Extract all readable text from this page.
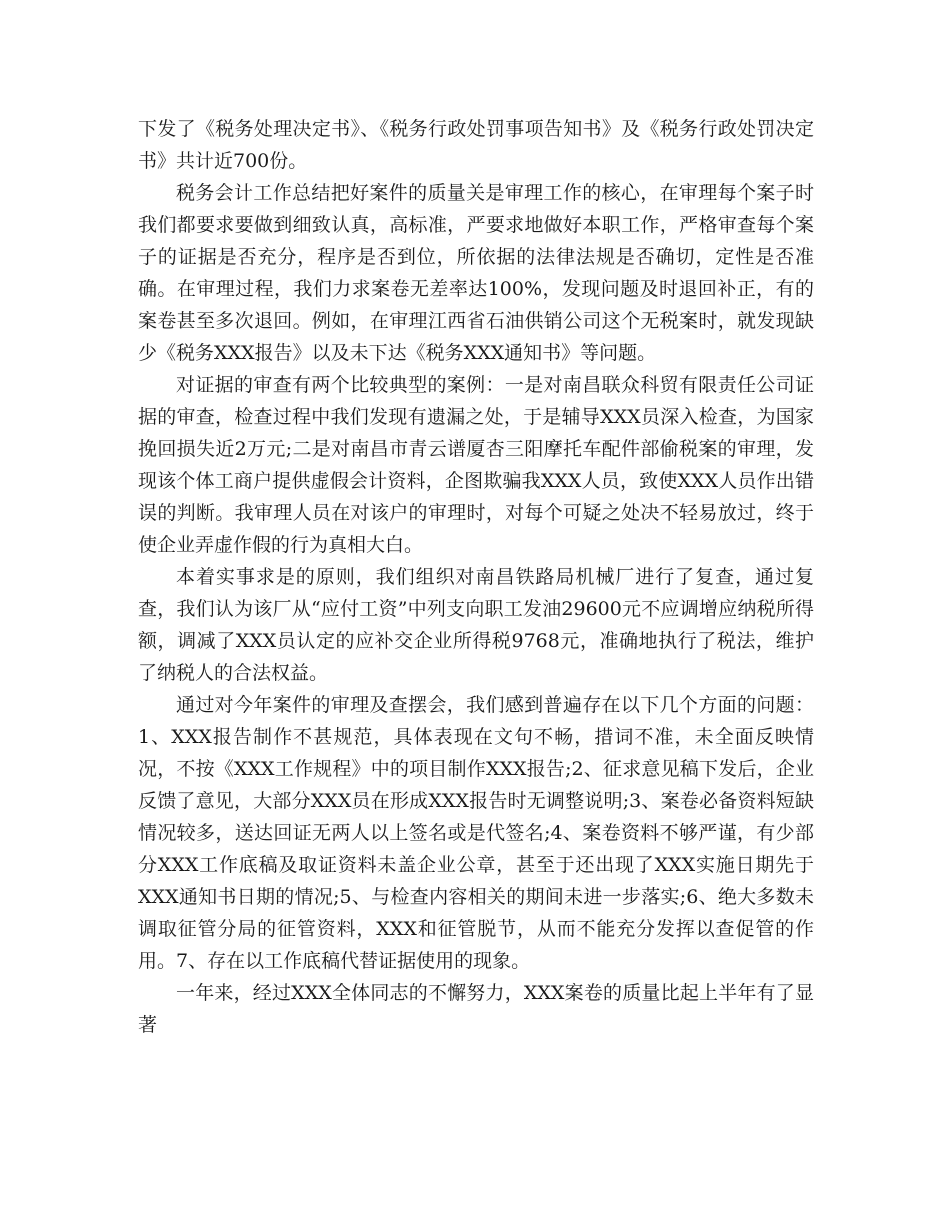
下发了《税务处理决定书》、《税务行政处罚事项告知书》及《税务行政处罚决定书》共计近700份。

税务会计工作总结把好案件的质量关是审理工作的核心，在审理每个案子时我们都要求要做到细致认真，高标准，严要求地做好本职工作，严格审查每个案子的证据是否充分，程序是否到位，所依据的法律法规是否确切，定性是否准确。在审理过程，我们力求案卷无差率达100%，发现问题及时退回补正，有的案卷甚至多次退回。例如，在审理江西省石油供销公司这个无税案时，就发现缺少《税务XXX报告》以及未下达《税务XXX通知书》等问题。

对证据的审查有两个比较典型的案例：一是对南昌联众科贸有限责任公司证据的审查，检查过程中我们发现有遗漏之处，于是辅导XXX员深入检查，为国家挽回损失近2万元;二是对南昌市青云谱厦杏三阳摩托车配件部偷税案的审理，发现该个体工商户提供虚假会计资料，企图欺骗我XXX人员，致使XXX人员作出错误的判断。我审理人员在对该户的审理时，对每个可疑之处决不轻易放过，终于使企业弄虚作假的行为真相大白。

本着实事求是的原则，我们组织对南昌铁路局机械厂进行了复查，通过复查，我们认为该厂从“应付工资”中列支向职工发油29600元不应调增应纳税所得额，调减了XXX员认定的应补交企业所得税9768元，准确地执行了税法，维护了纳税人的合法权益。

通过对今年案件的审理及查摆会，我们感到普遍存在以下几个方面的问题：1、XXX报告制作不甚规范，具体表现在文句不畅，措词不准，未全面反映情况，不按《XXX工作规程》中的项目制作XXX报告;2、征求意见稿下发后，企业反馈了意见，大部分XXX员在形成XXX报告时无调整说明;3、案卷必备资料短缺情况较多，送达回证无两人以上签名或是代签名;4、案卷资料不够严谨，有少部分XXX工作底稿及取证资料未盖企业公章，甚至于还出现了XXX实施日期先于XXX通知书日期的情况;5、与检查内容相关的期间未进一步落实;6、绝大多数未调取征管分局的征管资料，XXX和征管脱节，从而不能充分发挥以查促管的作用。7、存在以工作底稿代替证据使用的现象。

一年来，经过XXX全体同志的不懈努力，XXX案卷的质量比起上半年有了显著
